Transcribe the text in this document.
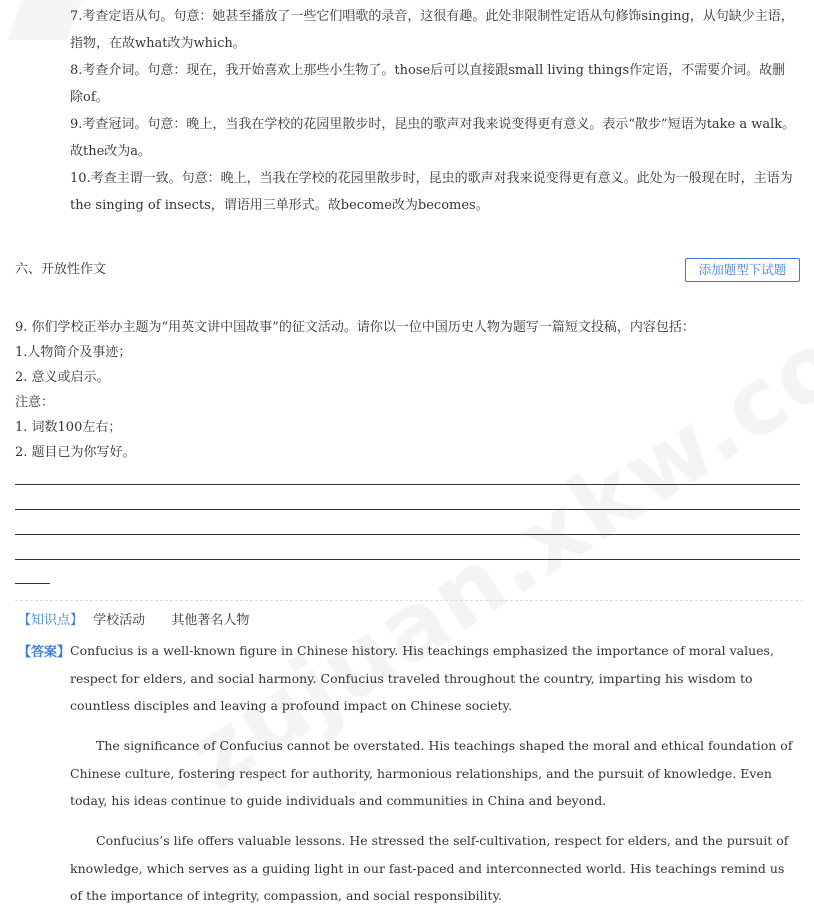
7.考查定语从句。句意：她甚至播放了一些它们唱歌的录音，这很有趣。此处非限制性定语从句修饰singing，从句缺少主语，指物，在故what改为which。

8.考查介词。句意：现在，我开始喜欢上那些小生物了。those后可以直接跟small living things作定语，不需要介词。故删除of。

9.考查冠词。句意：晚上，当我在学校的花园里散步时，昆虫的歌声对我来说变得更有意义。表示“散步”短语为take a walk。故the改为a。

10.考查主谓一致。句意：晚上，当我在学校的花园里散步时，昆虫的歌声对我来说变得更有意义。此处为一般现在时，主语为the singing of insects，谓语用三单形式。故become改为becomes。

六、开放性作文	添加题型下试题

9. 你们学校正举办主题为“用英文讲中国故事”的征文活动。请你以一位中国历史人物为题写一篇短文投稿，内容包括：

1.人物简介及事迹；

2. 意义或启示。

注意：

1. 词数100左右；

2. 题目已为你写好。

【知识点】 学校活动 其他著名人物
【答案】 Confucius is a well-known figure in Chinese history. His teachings emphasized the importance of moral values, respect for elders, and social harmony. Confucius traveled throughout the country, imparting his wisdom to countless disciples and leaving a profound impact on Chinese society.

The significance of Confucius cannot be overstated. His teachings shaped the moral and ethical foundation of Chinese culture, fostering respect for authority, harmonious relationships, and the pursuit of knowledge. Even today, his ideas continue to guide individuals and communities in China and beyond.

Confucius’s life offers valuable lessons. He stressed the self-cultivation, respect for elders, and the pursuit of knowledge, which serves as a guiding light in our fast-paced and interconnected world. His teachings remind us of the importance of integrity, compassion, and social responsibility.
